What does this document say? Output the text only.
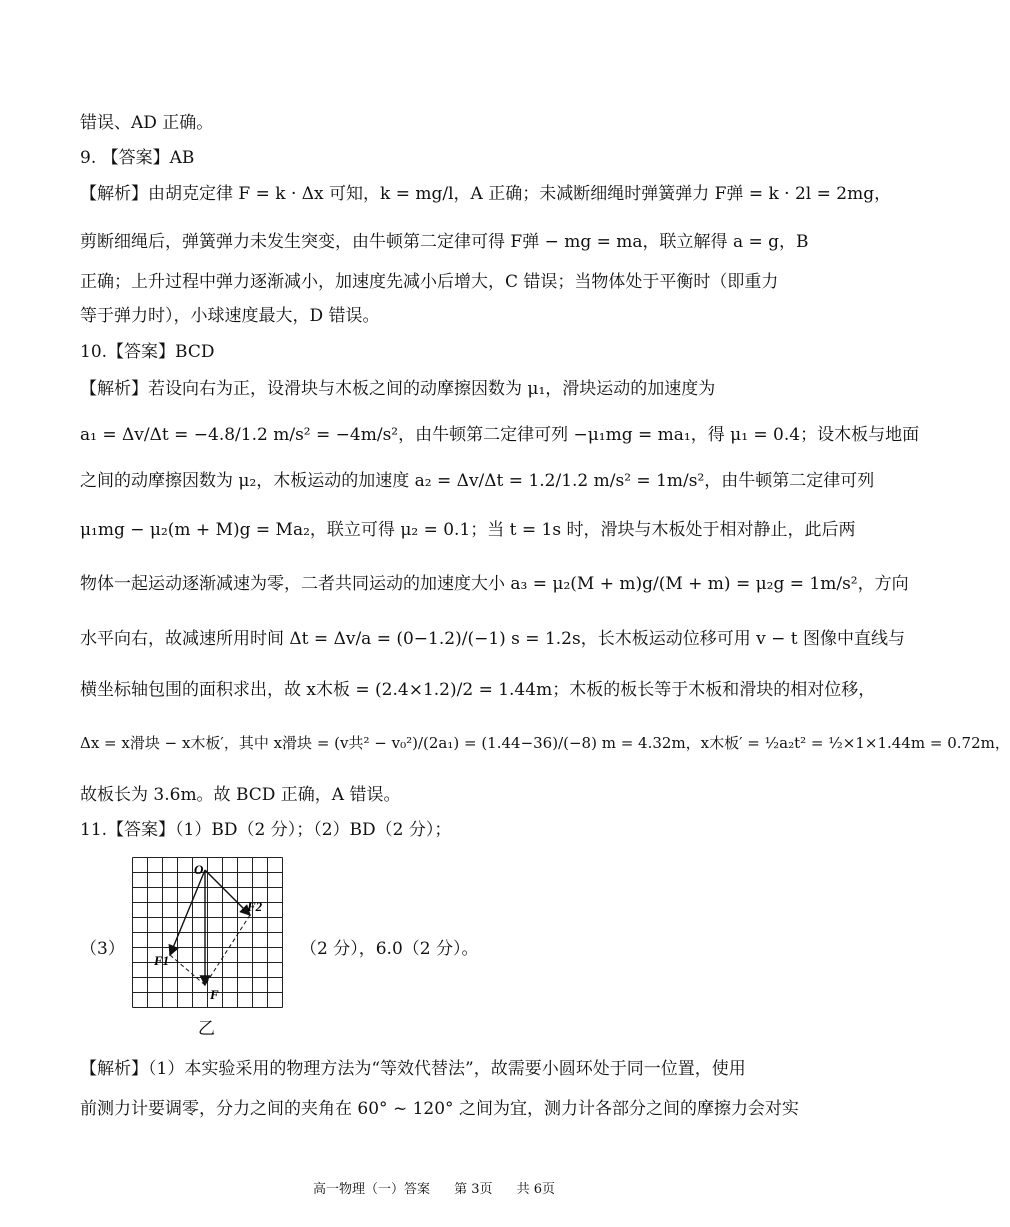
错误、AD 正确。
9. 【答案】AB
【解析】由胡克定律 F = k · Δx 可知，k = mg/l，A 正确；未减断细绳时弹簧弹力 F弹 = k · 2l = 2mg，
剪断细绳后，弹簧弹力未发生突变，由牛顿第二定律可得 F弹 − mg = ma，联立解得 a = g，B
正确；上升过程中弹力逐渐减小，加速度先减小后增大，C 错误；当物体处于平衡时（即重力
等于弹力时），小球速度最大，D 错误。
10.【答案】BCD
【解析】若设向右为正，设滑块与木板之间的动摩擦因数为 μ₁，滑块运动的加速度为
a₁ = Δv/Δt = −4.8/1.2 m/s² = −4m/s²，由牛顿第二定律可列 −μ₁mg = ma₁，得 μ₁ = 0.4；设木板与地面
之间的动摩擦因数为 μ₂，木板运动的加速度 a₂ = Δv/Δt = 1.2/1.2 m/s² = 1m/s²，由牛顿第二定律可列
μ₁mg − μ₂(m + M)g = Ma₂，联立可得 μ₂ = 0.1；当 t = 1s 时，滑块与木板处于相对静止，此后两
物体一起运动逐渐减速为零，二者共同运动的加速度大小 a₃ = μ₂(M + m)g/(M + m) = μ₂g = 1m/s²，方向
水平向右，故减速所用时间 Δt = Δv/a = (0−1.2)/(−1) s = 1.2s，长木板运动位移可用 v − t 图像中直线与
横坐标轴包围的面积求出，故 x木板 = (2.4×1.2)/2 = 1.44m；木板的板长等于木板和滑块的相对位移，
Δx = x滑块 − x木板′，其中 x滑块 = (v共² − v₀²)/(2a₁) = (1.44−36)/(−8) m = 4.32m，x木板′ = ½a₂t² = ½×1×1.44m = 0.72m，
故板长为 3.6m。故 BCD 正确，A 错误。
11.【答案】（1）BD（2 分）；（2）BD（2 分）；
（3）
O
F1
F2
F
（2 分），6.0（2 分）。
乙
【解析】（1）本实验采用的物理方法为“等效代替法”，故需要小圆环处于同一位置，使用
前测力计要调零，分力之间的夹角在 60° ~ 120° 之间为宜，测力计各部分之间的摩擦力会对实
高一物理（一）答案 第 3页 共 6页
